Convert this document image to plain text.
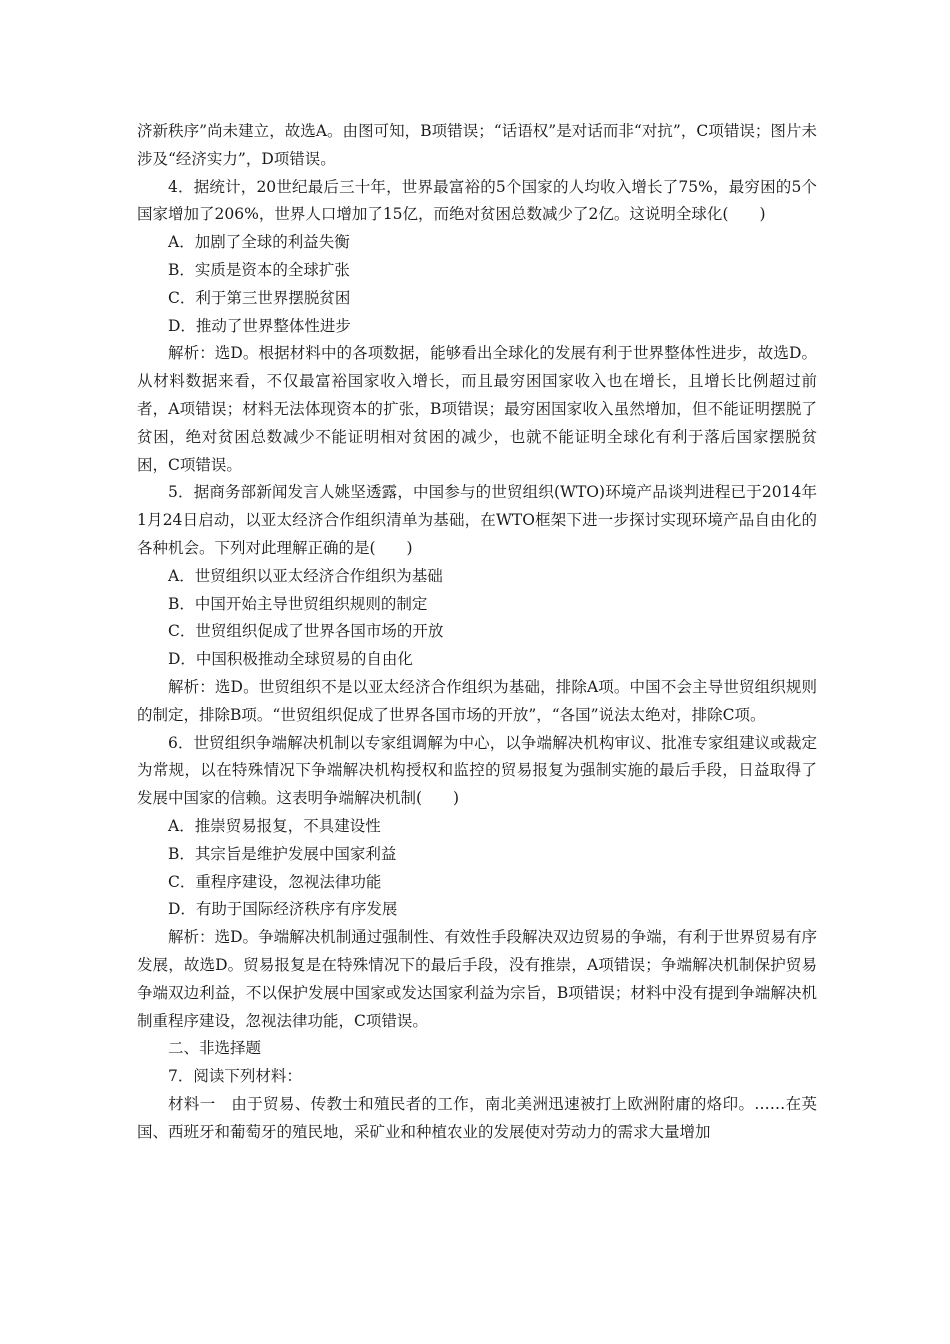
济新秩序”尚未建立，故选A。由图可知，B项错误；“话语权”是对话而非“对抗”，C项错误；图片未涉及“经济实力”，D项错误。

4．据统计，20世纪最后三十年，世界最富裕的5个国家的人均收入增长了75%，最穷困的5个国家增加了206%，世界人口增加了15亿，而绝对贫困总数减少了2亿。这说明全球化(　　)

A．加剧了全球的利益失衡

B．实质是资本的全球扩张

C．利于第三世界摆脱贫困

D．推动了世界整体性进步

解析：选D。根据材料中的各项数据，能够看出全球化的发展有利于世界整体性进步，故选D。从材料数据来看，不仅最富裕国家收入增长，而且最穷困国家收入也在增长，且增长比例超过前者，A项错误；材料无法体现资本的扩张，B项错误；最穷困国家收入虽然增加，但不能证明摆脱了贫困，绝对贫困总数减少不能证明相对贫困的减少，也就不能证明全球化有利于落后国家摆脱贫困，C项错误。

5．据商务部新闻发言人姚坚透露，中国参与的世贸组织(WTO)环境产品谈判进程已于2014年1月24日启动，以亚太经济合作组织清单为基础，在WTO框架下进一步探讨实现环境产品自由化的各种机会。下列对此理解正确的是(　　)

A．世贸组织以亚太经济合作组织为基础

B．中国开始主导世贸组织规则的制定

C．世贸组织促成了世界各国市场的开放

D．中国积极推动全球贸易的自由化

解析：选D。世贸组织不是以亚太经济合作组织为基础，排除A项。中国不会主导世贸组织规则的制定，排除B项。“世贸组织促成了世界各国市场的开放”，“各国”说法太绝对，排除C项。

6．世贸组织争端解决机制以专家组调解为中心，以争端解决机构审议、批准专家组建议或裁定为常规，以在特殊情况下争端解决机构授权和监控的贸易报复为强制实施的最后手段，日益取得了发展中国家的信赖。这表明争端解决机制(　　)

A．推崇贸易报复，不具建设性

B．其宗旨是维护发展中国家利益

C．重程序建设，忽视法律功能

D．有助于国际经济秩序有序发展

解析：选D。争端解决机制通过强制性、有效性手段解决双边贸易的争端，有利于世界贸易有序发展，故选D。贸易报复是在特殊情况下的最后手段，没有推崇，A项错误；争端解决机制保护贸易争端双边利益，不以保护发展中国家或发达国家利益为宗旨，B项错误；材料中没有提到争端解决机制重程序建设，忽视法律功能，C项错误。

二、非选择题

7．阅读下列材料：

材料一　由于贸易、传教士和殖民者的工作，南北美洲迅速被打上欧洲附庸的烙印。……在英国、西班牙和葡萄牙的殖民地，采矿业和种植农业的发展使对劳动力的需求大量增加
